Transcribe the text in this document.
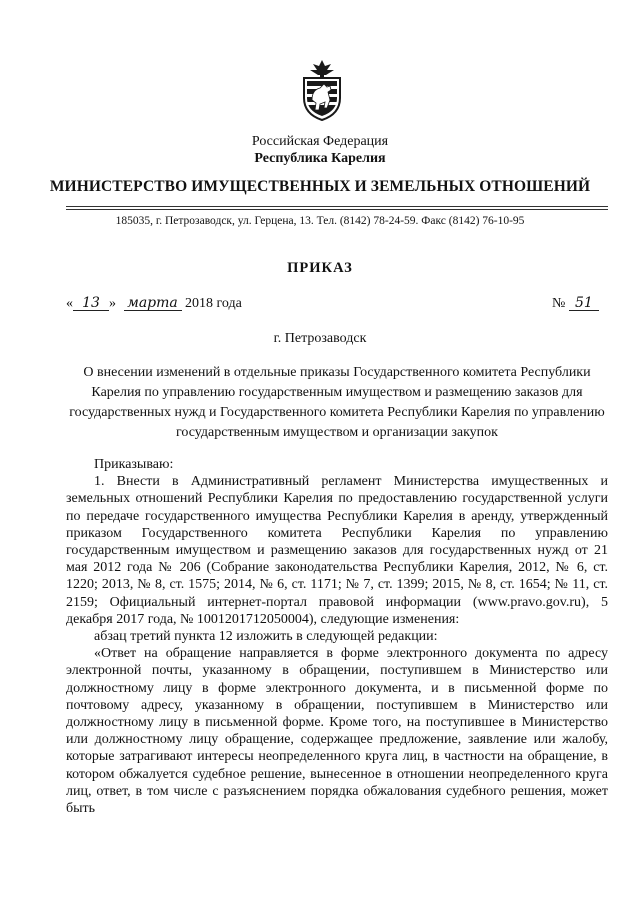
Российская Федерация
Республика Карелия
МИНИСТЕРСТВО ИМУЩЕСТВЕННЫХ И ЗЕМЕЛЬНЫХ ОТНОШЕНИЙ
185035, г. Петрозаводск, ул. Герцена, 13. Тел. (8142) 78-24-59. Факс (8142) 76-10-95
ПРИКАЗ
« 13 » марта 2018 года	№ 51
г. Петрозаводск
О внесении изменений в отдельные приказы Государственного комитета Республики Карелия по управлению государственным имуществом и размещению заказов для государственных нужд и Государственного комитета Республики Карелия по управлению государственным имуществом и организации закупок

Приказываю:

1. Внести в Административный регламент Министерства имущественных и земельных отношений Республики Карелия по предоставлению государственной услуги по передаче государственного имущества Республики Карелия в аренду, утвержденный приказом Государственного комитета Республики Карелия по управлению государственным имуществом и размещению заказов для государственных нужд от 21 мая 2012 года № 206 (Собрание законодательства Республики Карелия, 2012, № 6, ст. 1220; 2013, № 8, ст. 1575; 2014, № 6, ст. 1171; № 7, ст. 1399; 2015, № 8, ст. 1654; № 11, ст. 2159; Официальный интернет-портал правовой информации (www.pravo.gov.ru), 5 декабря 2017 года, № 1001201712050004), следующие изменения:

абзац третий пункта 12 изложить в следующей редакции:

«Ответ на обращение направляется в форме электронного документа по адресу электронной почты, указанному в обращении, поступившем в Министерство или должностному лицу в форме электронного документа, и в письменной форме по почтовому адресу, указанному в обращении, поступившем в Министерство или должностному лицу в письменной форме. Кроме того, на поступившее в Министерство или должностному лицу обращение, содержащее предложение, заявление или жалобу, которые затрагивают интересы неопределенного круга лиц, в частности на обращение, в котором обжалуется судебное решение, вынесенное в отношении неопределенного круга лиц, ответ, в том числе с разъяснением порядка обжалования судебного решения, может быть
